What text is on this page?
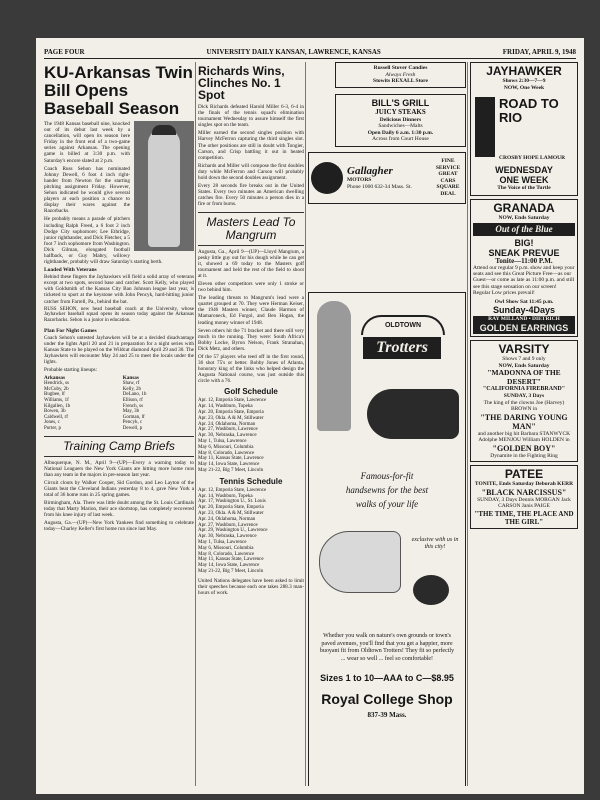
PAGE FOUR	UNIVERSITY DAILY KANSAN, LAWRENCE, KANSAS	FRIDAY, APRIL 9, 1948
KU-Arkansas Twin Bill Opens Baseball Season

The 1948 Kansas baseball nine, knocked out of its debut last week by a cancellation, will open its season here Friday in the front end of a two-game series against Arkansas. The opening game is billed at 3:30 p.m. with Saturday's encore slated at 2 p.m.

Coach Russ Sehon has nominated Johnny Dewell, 6 foot 4 inch right-hander from Newton for the starting pitching assignment Friday. However, Sehon indicated he would give several players at each position a chance to display their wares against the Razorbacks.

He probably means a parade of pitchers including Ralph Freed, a 6 foot 2 inch Dodge City sophomore; Lee Ethridge, junior righthander, and Dick Fletcher, a 5 foot 7 inch sophomore from Washington. Dick Gilman, elongated football halfback, or Guy Mabry, willowy righthander, probably will draw Saturday's starting berth.

Loaded With Veterans

Behind these fingers the Jayhawkers will field a solid array of veterans except at two spots, second base and catcher. Scott Kelly, who played with Goldsmith of the Kansas City Ban Johnson league last year, is ticketed to sport at the keystone with John Pencyk, hard-hitting junior catcher from Farrell, Pa., behind the bat.

RUSS SEHON, new head baseball coach at the University, whose Jayhawker baseball squad opens its season today against the Arkansas Razorbacks. Sehon is a junior in education.
Plan For Night Games

Coach Sehon's untested Jayhawkers will be at a decided disadvantage under the lights April 20 and 21 in preparation for a night series with Kansas State to be played on the Wildcat diamond April 29 and 30. The Jayhawkers will encounter May 24 and 25 to meet the locals under the lights.

Probable starting lineups:

Arkansas	Kansas
Hendrick, ss	Shaw, rf
McCuby, 2b	Kelly, 2b
Bugbee, lf	DeLano, 1b
Williams, 1f	Ellison, rf
Kilgallen, 1b	French, ss
Bowen, 3b	May, 3b
Caldwell, rf	Gorman, lf
Jones, c	Pencyk, c
Porter, p	Dewell, p
Training Camp Briefs

Albuquerque, N. M., April 9—(UP)—Every a warning today to National Leaguers the New York Giants are hitting more home runs than any team in the majors in pre-season last year.

Circuit clouts by Walker Cooper, Sid Gordon, and Leo Layton of the Giants beat the Cleveland Indians yesterday 8 to 4, gave New York a total of 36 home runs in 25 spring games.

Birmingham, Ala. There was little doubt among the St. Louis Cardinals today that Marty Marion, their ace shortstop, has completely recovered from his knee injury of last week.

Augusta, Ga.—(UP)—New York Yankees find something to celebrate today—Charley Keller's first home run since last May.

Richards Wins, Clinches No. 1 Spot

Dick Richards defeated Harold Miller 6-3, 6-4 in the finals of the tennis squad's elimination tournament Wednesday to assure himself the first singles spot on the team.

Miller earned the second singles position with Harvey McFerron capturing the third singles slot. The other positions are still in doubt with Tongier, Carson, and Crisp battling it out in heated competition.

Richards and Miller will compose the first doubles duty while McFerron and Carson will probably hold down the second doubles assignment.

Every 28 seconds fire breaks out in the United States. Every two minutes an American dwelling catches fire. Every 50 minutes a person dies in a fire or from burns.

Masters Lead To Mangrum

Augusta, Ga., April 9—(UP)—Lloyd Mangrum, a pesky little guy out for his dough while he can get it, showed a 69 today to the Masters golf tournament and held the rest of the field to shoot at it.

Eleven other competitors were only 1 stroke or two behind him.

The leading threats to Mangrum's lead were a quartet grouped at 70. They were Herman Keiser, the 1946 Masters winner, Claude Harmon of Mamaroneck, Ed Furgol, and Ben Hogan, the leading money winner of 1948.

Seven others hit the 71 bracket and there still very much in the running. They were: South Africa's Bobby Locke, Byron Nelson, Frank Stranahan, Dick Metz, and others.

Of the 57 players who teed off in the first round, 36 shot 75's or better. Bobby Jones of Atlanta, honorary king of the links who helped design the Augusta National course, was just outside this circle with a 76.

Golf Schedule
Apr. 12, Emporia State, Lawrence
Apr. 14, Washburn, Topeka
Apr. 20, Emporia State, Emporia
Apr. 23, Okla. A & M, Stillwater
Apr. 24, Oklahoma, Norman
Apr. 27, Washburn, Lawrence
Apr. 30, Nebraska, Lawrence
May 1, Tulsa, Lawrence
May 6, Missouri, Columbia
May 8, Colorado, Lawrence
May 11, Kansas State, Lawrence
May 14, Iowa State, Lawrence
May 21-22, Big 7 Meet, Lincoln
Tennis Schedule
Apr. 12, Emporia State, Lawrence
Apr. 14, Washburn, Topeka
Apr. 17, Washington U., St. Louis
Apr. 20, Emporia State, Emporia
Apr. 23, Okla. A & M, Stillwater
Apr. 24, Oklahoma, Norman
Apr. 27, Washburn, Lawrence
Apr. 29, Washington U., Lawrence
Apr. 30, Nebraska, Lawrence
May 1, Tulsa, Lawrence
May 6, Missouri, Columbia
May 8, Colorado, Lawrence
May 11, Kansas State, Lawrence
May 14, Iowa State, Lawrence
May 21-22, Big 7 Meet, Lincoln

United Nations delegates have been asked to limit their speeches because each one takes 288.3 man-hours of work.

Russell Stover Candies
Always Fresh
Stowits REXALL Store
BILL'S GRILL
JUICY STEAKS
Delicious Dinners
Sandwiches—Malts
Open Daily 6 a.m. 1:30 p.m.
Across from Court House
Gallagher
MOTORS
Phone 1000 632-34 Mass. St.
FINE SERVICE
GREAT CARS
SQUARE DEAL
OLDTOWN
Trotters
Famous-for-fit
handsewns for the best
walks of your life
exclusive with us in this city!
Whether you walk on nature's own grounds or town's paved avenues, you'll find that you get a happier, more buoyant fit from Oldtown Trotters! They fit so perfectly ... wear so well ... feel so comfortable!
Sizes 1 to 10—AAA to C—$8.95
Royal College Shop
837-39 Mass.
JAYHAWKER
Shows 2:30—7—9
NOW, One Week
ROAD TO RIO
CROSBY HOPE LAMOUR
WEDNESDAY
ONE WEEK
The Voice of the Turtle
GRANADA
NOW, Ends Saturday
Out of the Blue
BIG!
SNEAK PREVUE
Tonite—11:00 P.M.
Attend our regular 9 p.m. show and keep your seats and see this Great Picture Free—as our Guest—or come as late as 11:00 p.m. and still see this stage sensation on our screen! Regular Low prices prevail!
Owl Show Sat 11:45 p.m.
Sunday-4Days
RAY MILLAND • DIETRICH
GOLDEN EARRINGS
VARSITY
Shows 7 and 9 only
NOW, Ends Saturday
"MADONNA OF THE DESERT"
"CALIFORNIA FIREBRAND"
SUNDAY, 3 Days
The king of the clowns Joe (Harvey) BROWN in
"THE DARING YOUNG MAN"
and another big hit Barbara STANWYCK Adolphe MENJOU William HOLDEN in
"GOLDEN BOY"
Dynamite in the Fighting Ring
PATEE
TONITE, Ends Saturday Deborah KERR
"BLACK NARCISSUS"
SUNDAY, 3 Days Dennis MORGAN Jack CARSON Janis PAIGE
"THE TIME, THE PLACE AND THE GIRL"
